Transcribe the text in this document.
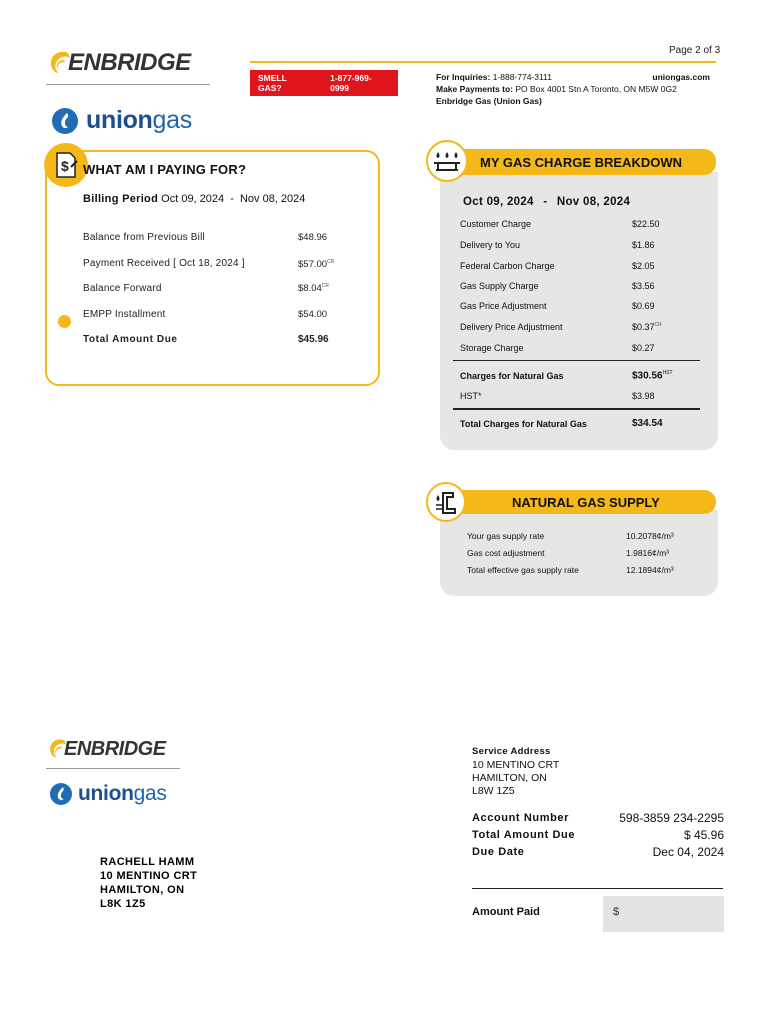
ENBRIDGE
uniongas
Page 2 of 3
SMELL GAS?
1-877-969-0999
For Inquiries: 1-888-774-3111	uniongas.com
Make Payments to: PO Box 4001 Stn A Toronto, ON M5W 0G2
Enbridge Gas (Union Gas)
$ WHAT AM I PAYING FOR?
Billing Period Oct 09, 2024 - Nov 08, 2024
Balance from Previous Bill	$48.96
Payment Received [ Oct 18, 2024 ]	$\$57.00^{CR}$
Balance Forward	$\$8.04^{CR}$
EMPP Installment	$54.00
Total Amount Due	$45.96
MY GAS CHARGE BREAKDOWN
Oct 09, 2024 - Nov 08, 2024
Customer Charge	$22.50
Delivery to You	$1.86
Federal Carbon Charge	$2.05
Gas Supply Charge	$3.56
Gas Price Adjustment	$0.69
Delivery Price Adjustment	$\$0.37^{CR}$
Storage Charge	$0.27
Charges for Natural Gas	$\$30.56^{HST}$
HST*	$3.98
Total Charges for Natural Gas	$34.54
NATURAL GAS SUPPLY
Your gas supply rate	10.2078¢/m³
Gas cost adjustment	1.9816¢/m³
Total effective gas supply rate	12.1894¢/m³
ENBRIDGE
uniongas
RACHELL HAMM
10 MENTINO CRT
HAMILTON, ON
L8K 1Z5
Service Address
10 MENTINO CRT
HAMILTON, ON
L8W 1Z5
Account Number	598-3859 234-2295
Total Amount Due	$ 45.96
Due Date	Dec 04, 2024
Amount Paid	$
